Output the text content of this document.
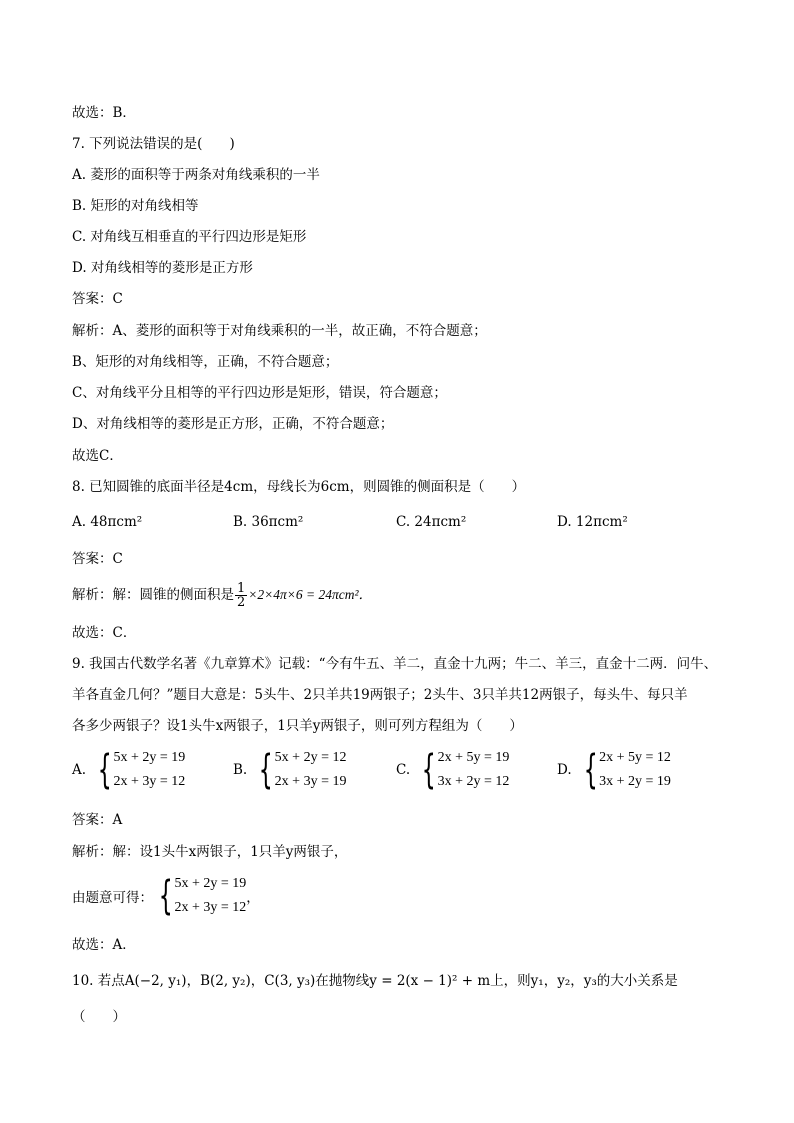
故选：B．
7. 下列说法错误的是(　　)
A. 菱形的面积等于两条对角线乘积的一半
B. 矩形的对角线相等
C. 对角线互相垂直的平行四边形是矩形
D. 对角线相等的菱形是正方形
答案：C
解析：A、菱形的面积等于对角线乘积的一半，故正确，不符合题意；
B、矩形的对角线相等，正确，不符合题意；
C、对角线平分且相等的平行四边形是矩形，错误，符合题意；
D、对角线相等的菱形是正方形，正确，不符合题意；
故选C．
8. 已知圆锥的底面半径是4cm，母线长为6cm，则圆锥的侧面积是（　　）
A. 48πcm²	B. 36πcm²	C. 24πcm²	D. 12πcm²
答案：C
解析：解：圆锥的侧面积是 $\frac{1}{2} \times 2\times 4\pi\times 6 = 24\pi cm^2$．
故选：C．
9. 我国古代数学名著《九章算术》记载：“今有牛五、羊二，直金十九两；牛二、羊三，直金十二两．问牛、
羊各直金几何？”题目大意是：5头牛、2只羊共19两银子；2头牛、3只羊共12两银子，每头牛、每只羊
各多少两银子？设1头牛x两银子，1只羊y两银子，则可列方程组为（　　）
A. { 5x + 2y = 19
2x + 3y = 12
B. { 5x + 2y = 12
2x + 3y = 19
C. { 2x + 5y = 19
3x + 2y = 12
D. { 2x + 5y = 12
3x + 2y = 19
答案：A
解析：解：设1头牛x两银子，1只羊y两银子，
由题意可得： { 5x + 2y = 19
2x + 3y = 12
，
故选：A．
10. 若点A(−2, y₁)，B(2, y₂)，C(3, y₃)在抛物线y = 2(x − 1)² + m上，则y₁，y₂，y₃的大小关系是
（　　）
